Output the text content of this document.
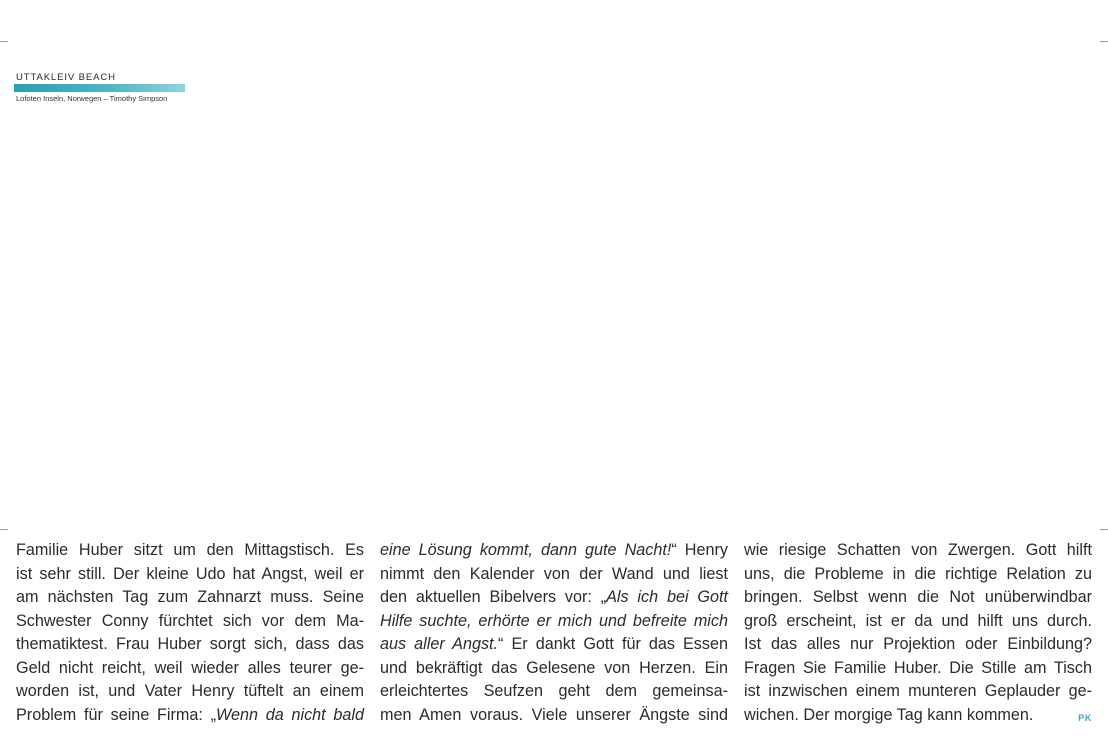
UTTAKLEIV BEACH
Lofoten Inseln, Norwegen – Timothy Simpson
Familie Huber sitzt um den Mittagstisch. Es
ist sehr still. Der kleine Udo hat Angst, weil er
am nächsten Tag zum Zahnarzt muss. Seine
Schwester Conny fürchtet sich vor dem Ma-
thematiktest. Frau Huber sorgt sich, dass das
Geld nicht reicht, weil wieder alles teurer ge-
worden ist, und Vater Henry tüftelt an einem
Problem für seine Firma: „Wenn da nicht bald
eine Lösung kommt, dann gute Nacht!“ Henry
nimmt den Kalender von der Wand und liest
den aktuellen Bibelvers vor: „Als ich bei Gott
Hilfe suchte, erhörte er mich und befreite mich
aus aller Angst.“ Er dankt Gott für das Essen
und bekräftigt das Gelesene von Herzen. Ein
erleichtertes Seufzen geht dem gemeinsa-
men Amen voraus. Viele unserer Ängste sind
wie riesige Schatten von Zwergen. Gott hilft
uns, die Probleme in die richtige Relation zu
bringen. Selbst wenn die Not unüberwindbar
groß erscheint, ist er da und hilft uns durch.
Ist das alles nur Projektion oder Einbildung?
Fragen Sie Familie Huber. Die Stille am Tisch
ist inzwischen einem munteren Geplauder ge-
wichen. Der morgige Tag kann kommen.	PK
